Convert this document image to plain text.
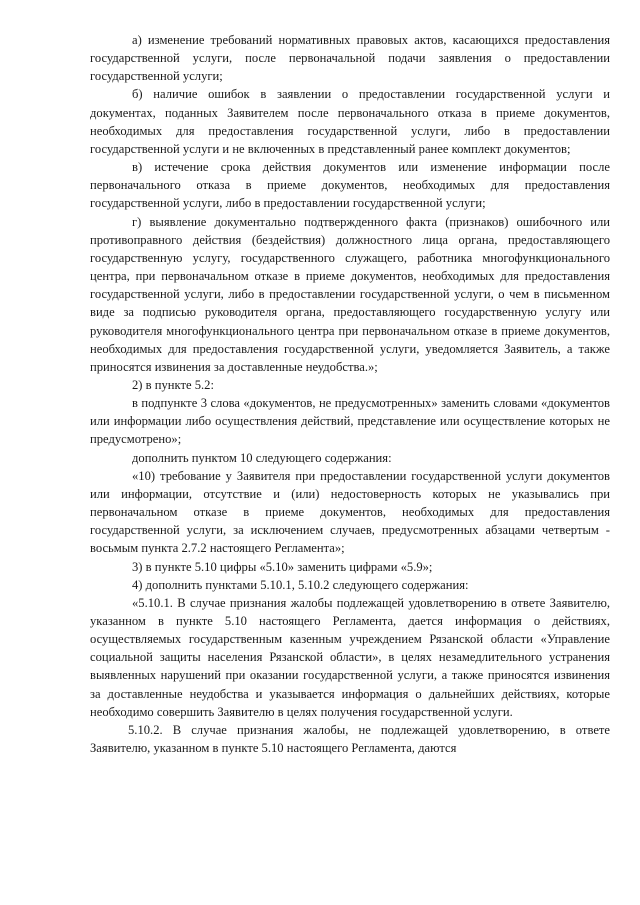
а) изменение требований нормативных правовых актов, касающихся предоставления государственной услуги, после первоначальной подачи заявления о предоставлении государственной услуги;

б) наличие ошибок в заявлении о предоставлении государственной услуги и документах, поданных Заявителем после первоначального отказа в приеме документов, необходимых для предоставления государственной услуги, либо в предоставлении государственной услуги и не включенных в представленный ранее комплект документов;

в) истечение срока действия документов или изменение информации после первоначального отказа в приеме документов, необходимых для предоставления государственной услуги, либо в предоставлении государственной услуги;

г) выявление документально подтвержденного факта (признаков) ошибочного или противоправного действия (бездействия) должностного лица органа, предоставляющего государственную услугу, государственного служащего, работника многофункционального центра, при первоначальном отказе в приеме документов, необходимых для предоставления государственной услуги, либо в предоставлении государственной услуги, о чем в письменном виде за подписью руководителя органа, предоставляющего государственную услугу или руководителя многофункционального центра при первоначальном отказе в приеме документов, необходимых для предоставления государственной услуги, уведомляется Заявитель, а также приносятся извинения за доставленные неудобства.»;

2) в пункте 5.2:

в подпункте 3 слова «документов, не предусмотренных» заменить словами «документов или информации либо осуществления действий, представление или осуществление которых не предусмотрено»;

дополнить пунктом 10 следующего содержания:

«10) требование у Заявителя при предоставлении государственной услуги документов или информации, отсутствие и (или) недостоверность которых не указывались при первоначальном отказе в приеме документов, необходимых для предоставления государственной услуги, за исключением случаев, предусмотренных абзацами четвертым - восьмым пункта 2.7.2 настоящего Регламента»;

3) в пункте 5.10 цифры «5.10» заменить цифрами «5.9»;

4) дополнить пунктами 5.10.1, 5.10.2 следующего содержания:

«5.10.1. В случае признания жалобы подлежащей удовлетворению в ответе Заявителю, указанном в пункте 5.10 настоящего Регламента, дается информация о действиях, осуществляемых государственным казенным учреждением Рязанской области «Управление социальной защиты населения Рязанской области», в целях незамедлительного устранения выявленных нарушений при оказании государственной услуги, а также приносятся извинения за доставленные неудобства и указывается информация о дальнейших действиях, которые необходимо совершить Заявителю в целях получения государственной услуги.

5.10.2. В случае признания жалобы, не подлежащей удовлетворению, в ответе Заявителю, указанном в пункте 5.10 настоящего Регламента, даются
